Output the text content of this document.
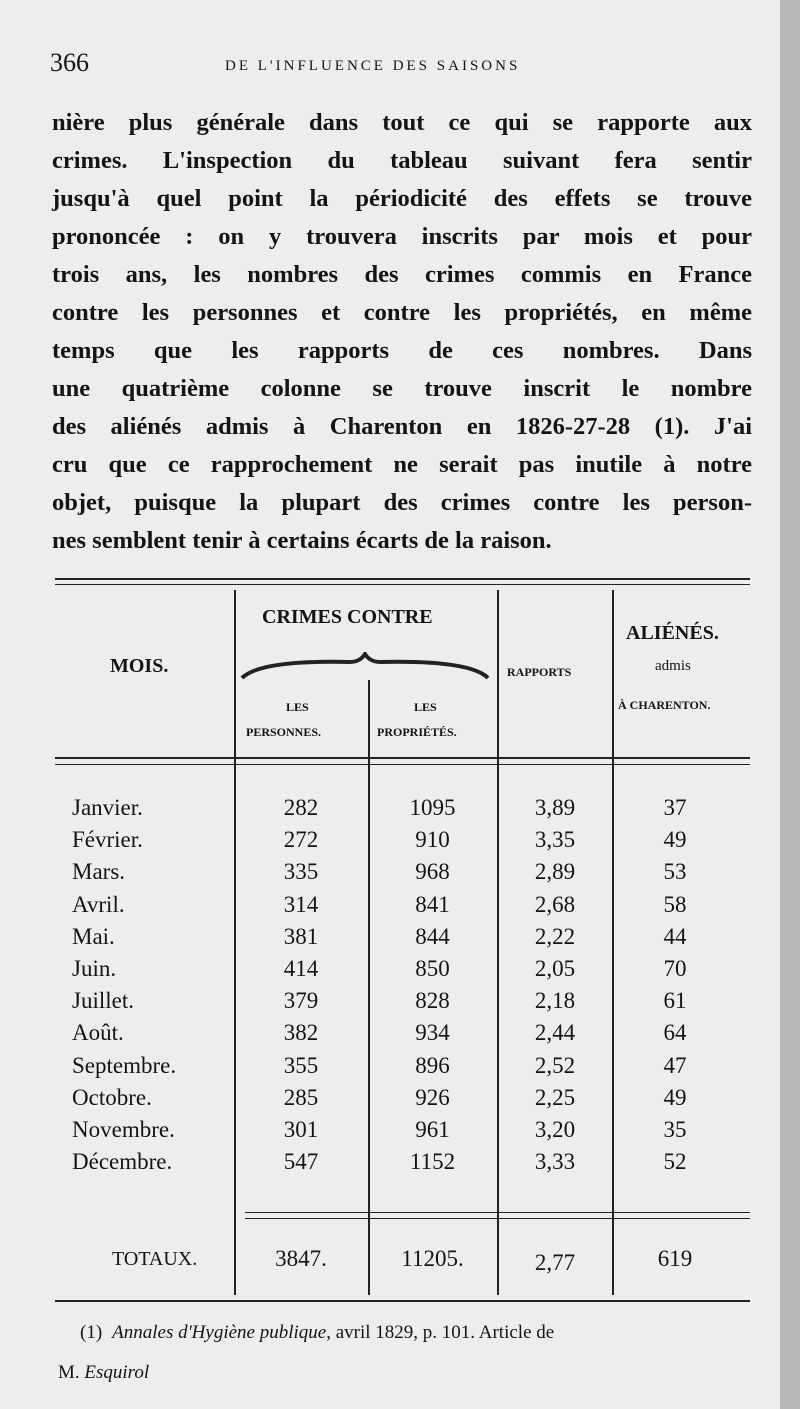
366	DE L'INFLUENCE DES SAISONS
nière plus générale dans tout ce qui se rapporte aux
crimes. L'inspection du tableau suivant fera sentir
jusqu'à quel point la périodicité des effets se trouve
prononcée : on y trouvera inscrits par mois et pour
trois ans, les nombres des crimes commis en France
contre les personnes et contre les propriétés, en même
temps que les rapports de ces nombres. Dans
une quatrième colonne se trouve inscrit le nombre
des aliénés admis à Charenton en 1826-27-28 (1). J'ai
cru que ce rapprochement ne serait pas inutile à notre
objet, puisque la plupart des crimes contre les person-
nes semblent tenir à certains écarts de la raison.
MOIS.
CRIMES CONTRE
LES
PERSONNES.
LES
PROPRIÉTÉS.
RAPPORTS
ALIÉNÉS.
admis
À CHARENTON.
Janvier.	282	1095	3,89	37
Février.	272	910	3,35	49
Mars.	335	968	2,89	53
Avril.	314	841	2,68	58
Mai.	381	844	2,22	44
Juin.	414	850	2,05	70
Juillet.	379	828	2,18	61
Août.	382	934	2,44	64
Septembre.	355	896	2,52	47
Octobre.	285	926	2,25	49
Novembre.	301	961	3,20	35
Décembre.	547	1152	3,33	52
TOTAUX.	3847.	11205.	2,77	619
(1) Annales d'Hygiène publique, avril 1829, p. 101. Article de
M. Esquirol
